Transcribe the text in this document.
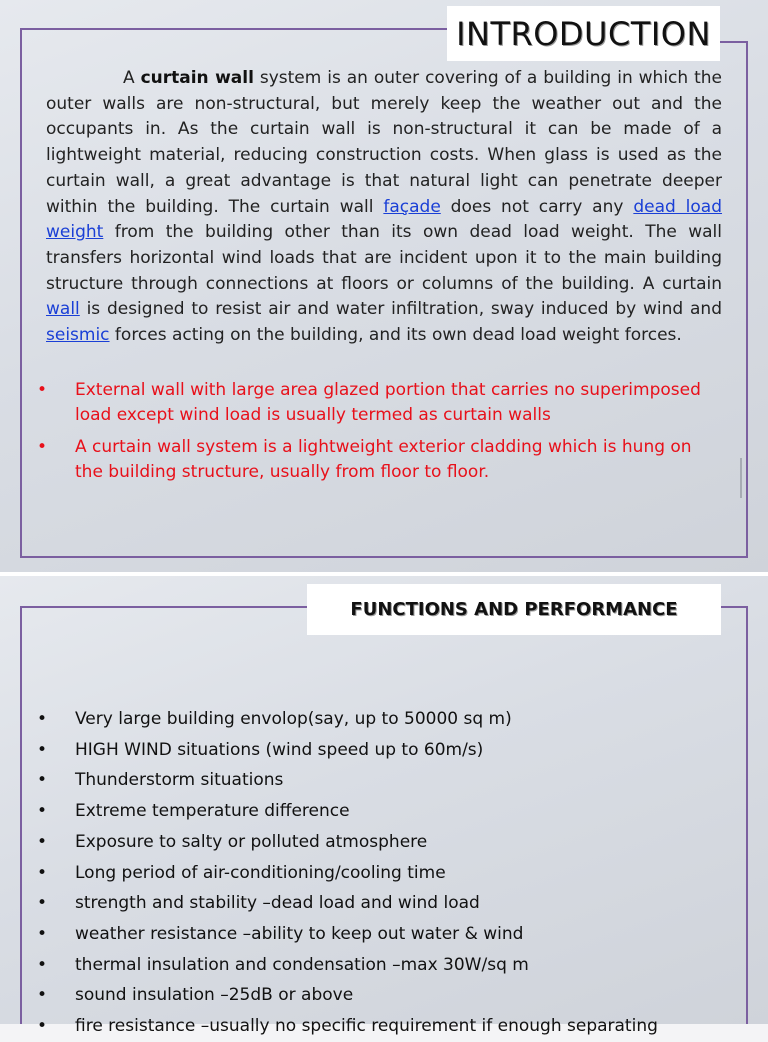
INTRODUCTION

A curtain wall system is an outer covering of a building in which the outer walls are non-structural, but merely keep the weather out and the occupants in. As the curtain wall is non-structural it can be made of a lightweight material, reducing construction costs. When glass is used as the curtain wall, a great advantage is that natural light can penetrate deeper within the building. The curtain wall façade does not carry any dead load weight from the building other than its own dead load weight. The wall transfers horizontal wind loads that are incident upon it to the main building structure through connections at floors or columns of the building. A curtain wall is designed to resist air and water infiltration, sway induced by wind and seismic forces acting on the building, and its own dead load weight forces.

• External wall with large area glazed portion that carries no superimposed load except wind load is usually termed as curtain walls
• A curtain wall system is a lightweight exterior cladding which is hung on the building structure, usually from floor to floor.
FUNCTIONS AND PERFORMANCE
• Very large building envolop(say, up to 50000 sq m)
• HIGH WIND situations (wind speed up to 60m/s)
• Thunderstorm situations
• Extreme temperature difference
• Exposure to salty or polluted atmosphere
• Long period of air-conditioning/cooling time
• strength and stability –dead load and wind load
• weather resistance –ability to keep out water & wind
• thermal insulation and condensation –max 30W/sq m
• sound insulation –25dB or above
• fire resistance –usually no specific requirement if enough separating
